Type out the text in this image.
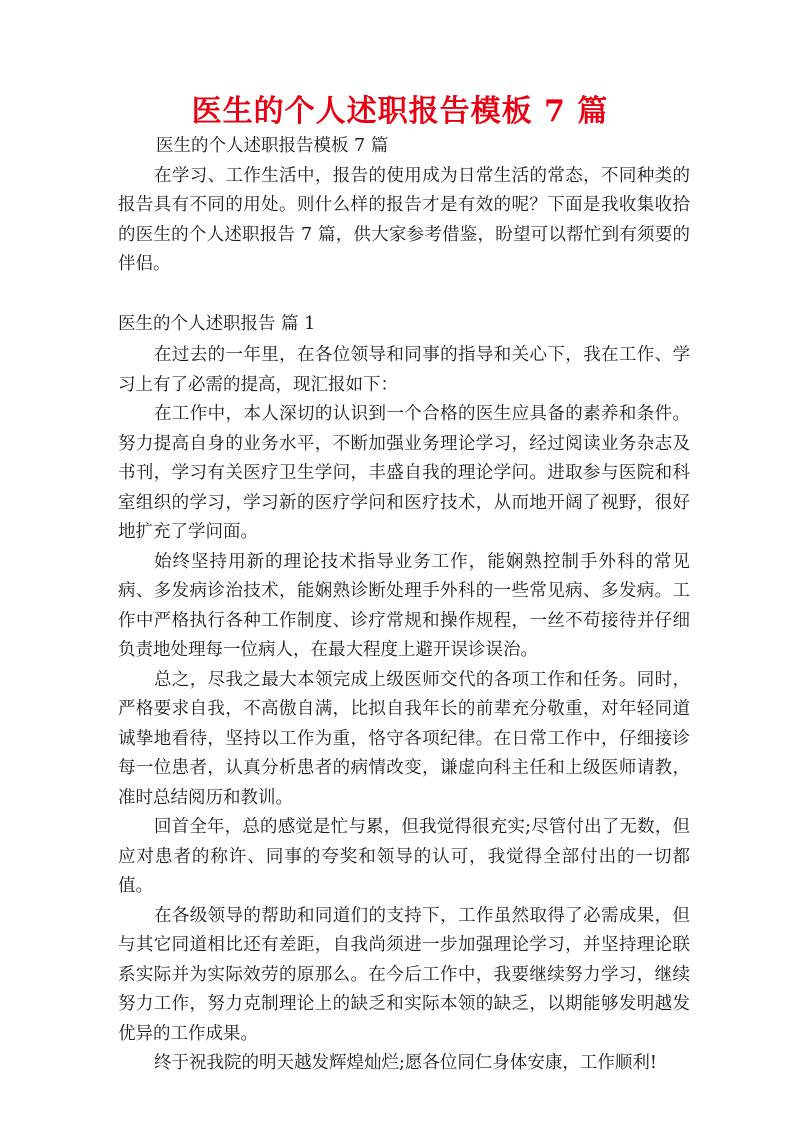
医生的个人述职报告模板 7 篇

医生的个人述职报告模板 7 篇

在学习、工作生活中，报告的使用成为日常生活的常态，不同种类的报告具有不同的用处。则什么样的报告才是有效的呢？下面是我收集收拾的医生的个人述职报告 7 篇，供大家参考借鉴，盼望可以帮忙到有须要的伴侣。

医生的个人述职报告 篇 1

在过去的一年里，在各位领导和同事的指导和关心下，我在工作、学习上有了必需的提高，现汇报如下：

在工作中，本人深切的认识到一个合格的医生应具备的素养和条件。努力提高自身的业务水平，不断加强业务理论学习，经过阅读业务杂志及书刊，学习有关医疗卫生学问，丰盛自我的理论学问。进取参与医院和科室组织的学习，学习新的医疗学问和医疗技术，从而地开阔了视野，很好地扩充了学问面。

始终坚持用新的理论技术指导业务工作，能娴熟控制手外科的常见病、多发病诊治技术，能娴熟诊断处理手外科的一些常见病、多发病。工作中严格执行各种工作制度、诊疗常规和操作规程，一丝不苟接待并仔细负责地处理每一位病人，在最大程度上避开误诊误治。

总之，尽我之最大本领完成上级医师交代的各项工作和任务。同时，严格要求自我，不高傲自满，比拟自我年长的前辈充分敬重，对年轻同道诚挚地看待，坚持以工作为重，恪守各项纪律。在日常工作中，仔细接诊每一位患者，认真分析患者的病情改变，谦虚向科主任和上级医师请教，准时总结阅历和教训。

回首全年，总的感觉是忙与累，但我觉得很充实;尽管付出了无数，但应对患者的称许、同事的夸奖和领导的认可，我觉得全部付出的一切都值。

在各级领导的帮助和同道们的支持下，工作虽然取得了必需成果，但与其它同道相比还有差距，自我尚须进一步加强理论学习，并坚持理论联系实际并为实际效劳的原那么。在今后工作中，我要继续努力学习，继续努力工作，努力克制理论上的缺乏和实际本领的缺乏，以期能够发明越发优异的工作成果。

终于祝我院的明天越发辉煌灿烂;愿各位同仁身体安康，工作顺利!
